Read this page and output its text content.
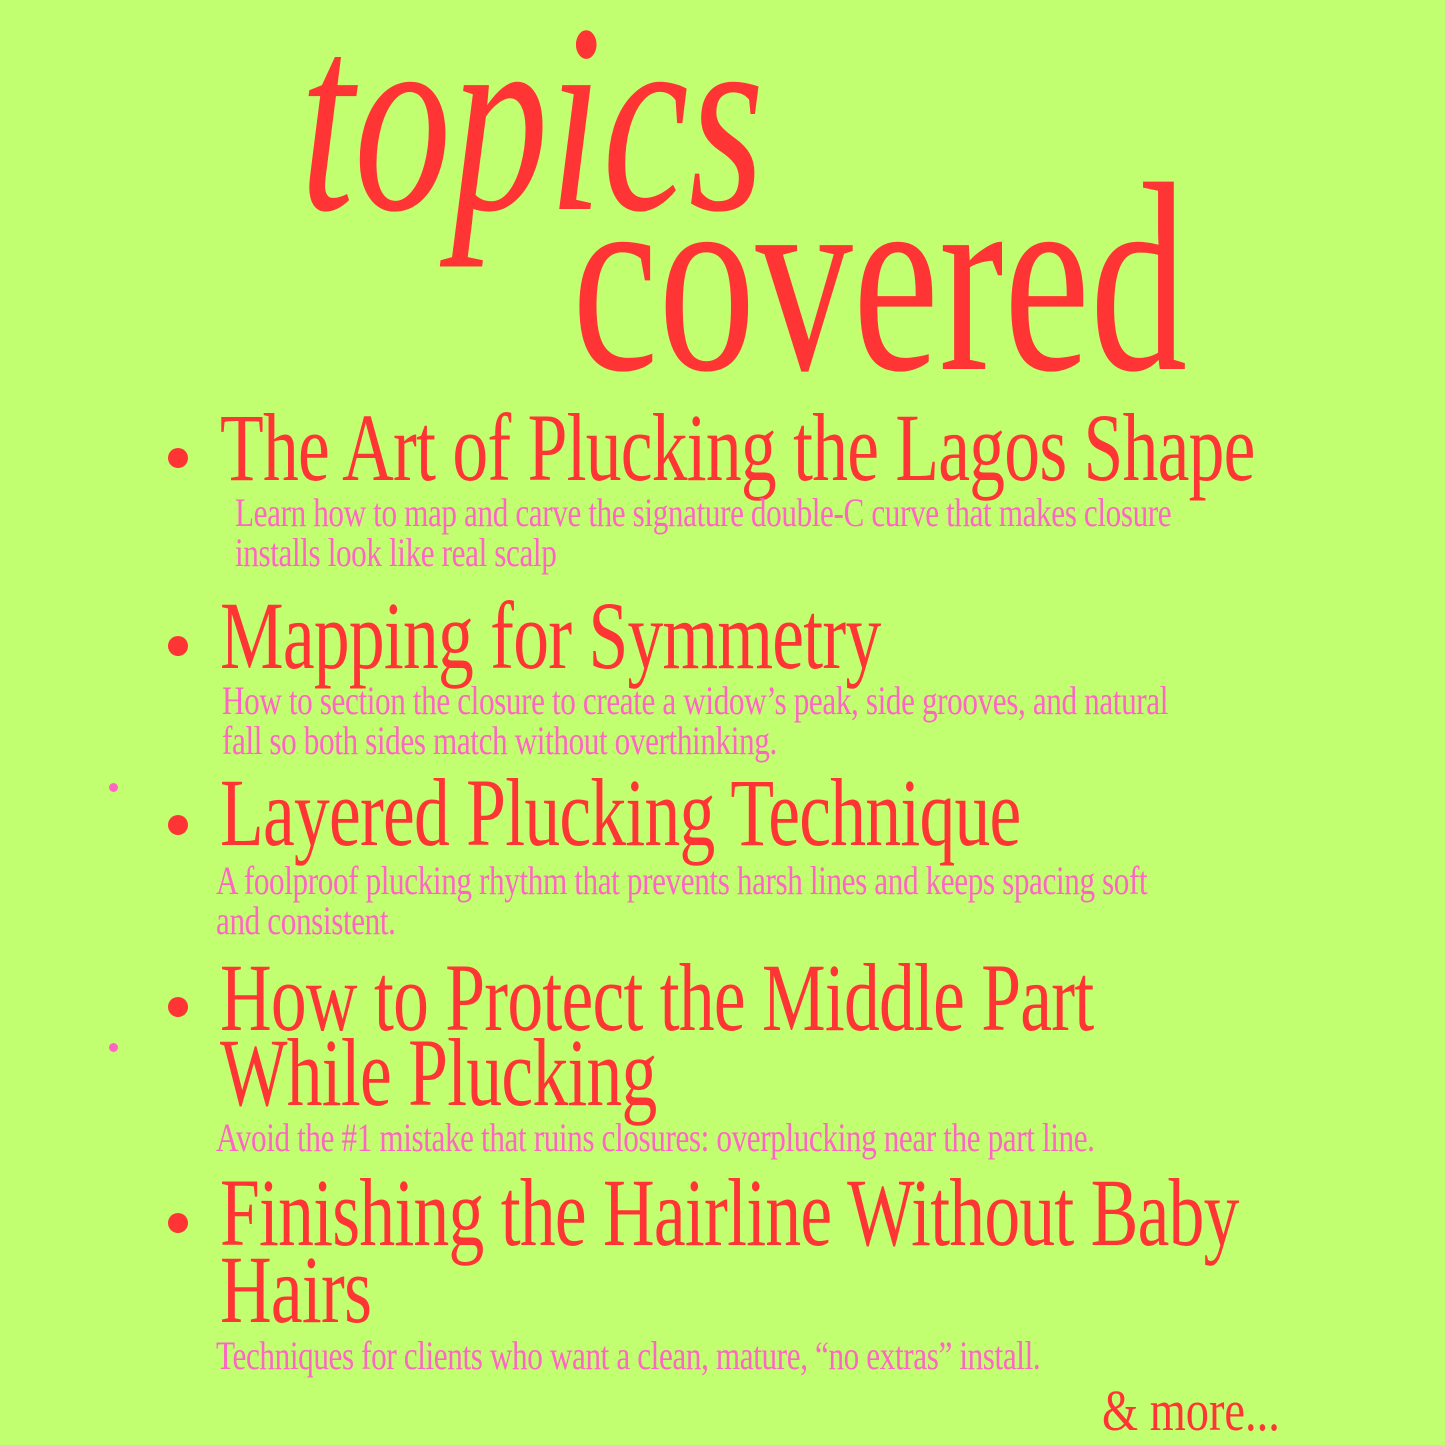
topics
covered
The Art of Plucking the Lagos Shape
Learn how to map and carve the signature double-C curve that makes closure
installs look like real scalp
Mapping for Symmetry
How to section the closure to create a widow’s peak, side grooves, and natural
fall so both sides match without overthinking.
Layered Plucking Technique
A foolproof plucking rhythm that prevents harsh lines and keeps spacing soft
and consistent.
How to Protect the Middle Part
While Plucking
Avoid the #1 mistake that ruins closures: overplucking near the part line.
Finishing the Hairline Without Baby
Hairs
Techniques for clients who want a clean, mature, “no extras” install.
& more...
